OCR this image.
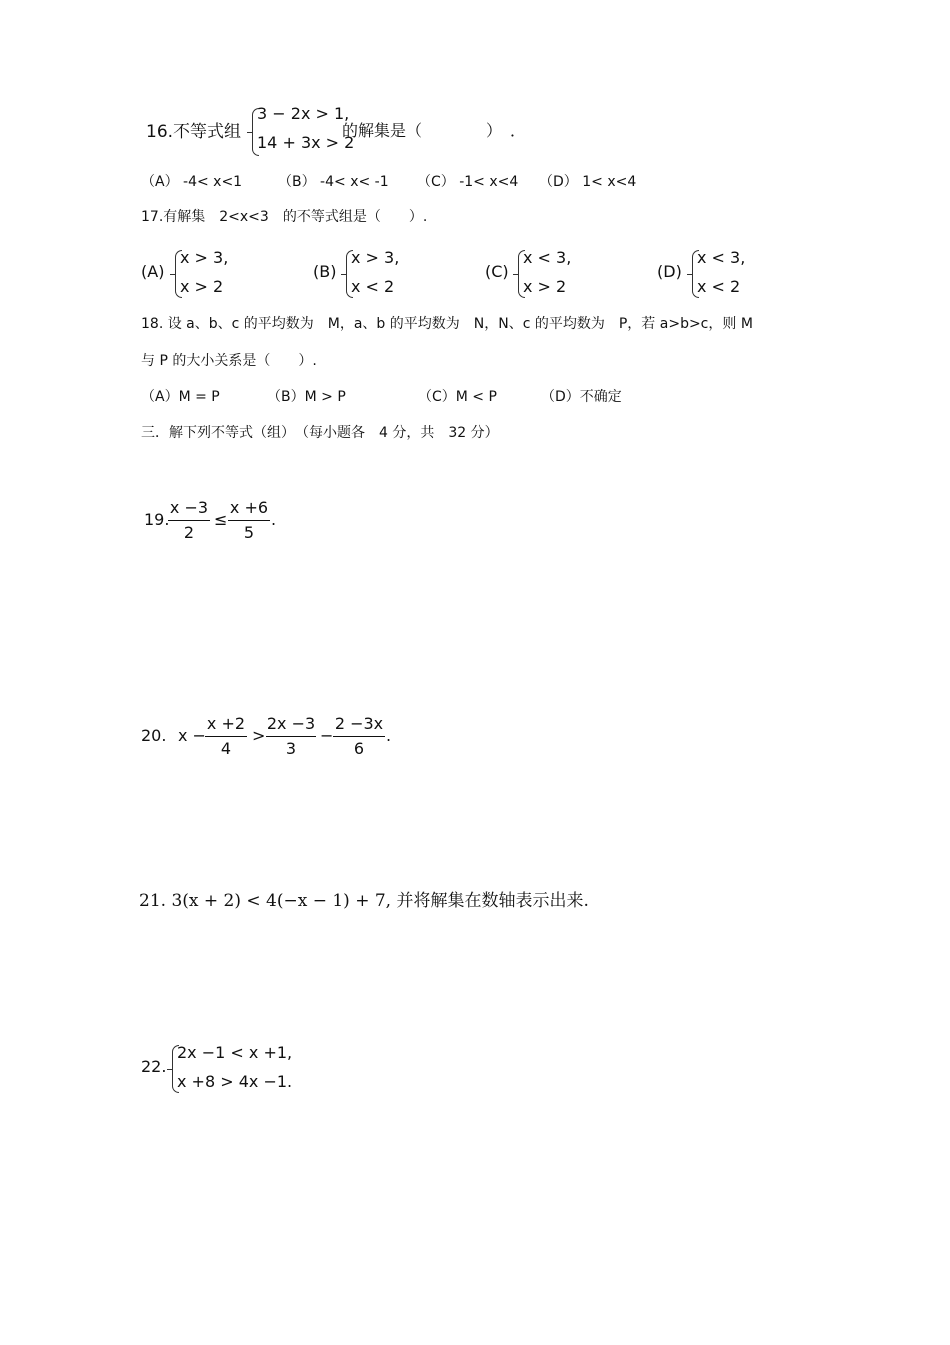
16.不等式组
3 − 2x > 1,
14 + 3x > 2
的解集是（　　　　）　．
（A） -4< x<1	（B） -4< x< -1 （C） -1< x<4 （D） 1< x<4
17.有解集　2<x<3　的不等式组是（　　）.
(A)
x > 3,
x > 2
(B)
x > 3,
x < 2
(C)
x < 3,
x > 2
(D)
x < 3,
x < 2
18. 设 a、b、c 的平均数为　M，a、b 的平均数为　N，N、c 的平均数为　P，若 a>b>c，则 M
与 P 的大小关系是（　　）.
（A）M = P	（B）M > P	（C）M < P	（D）不确定
三．解下列不等式（组）　（每小题各　4 分，共　32 分）
19.
x −3
2
≤
x +6
5
.
20. x −
x +2
4
>
2x −3
3
−
2 −3x
6
.
21. 3(x + 2) < 4(−x − 1) + 7, 并将解集在数轴表示出来.
22.
2x −1 < x +1,
x +8 > 4x −1.
